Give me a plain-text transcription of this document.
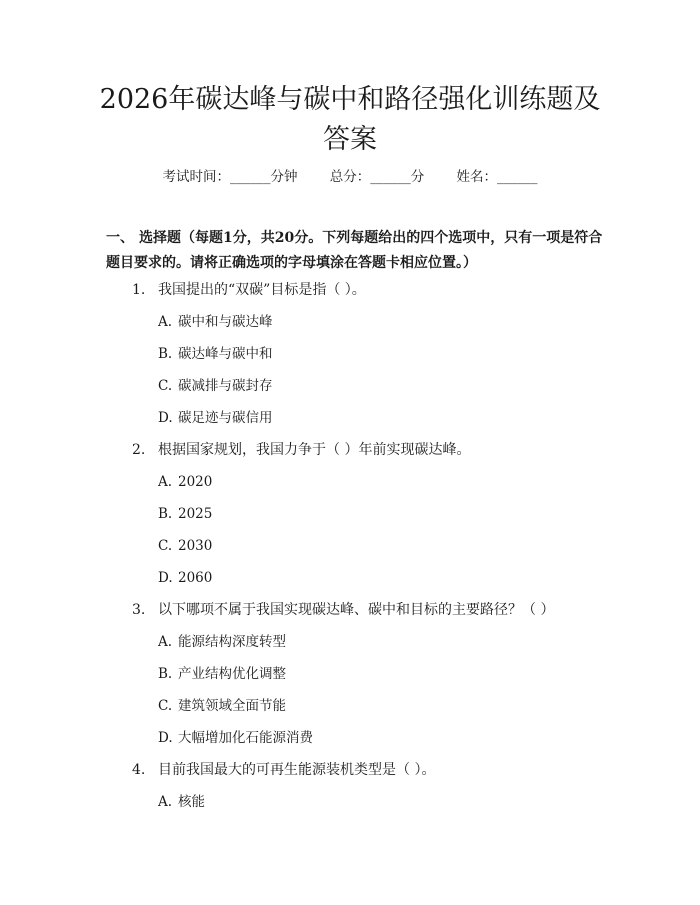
2026年碳达峰与碳中和路径强化训练题及答案
考试时间：______分钟 总分：______分 姓名：______
一、 选择题（每题1分，共20分。下列每题给出的四个选项中，只有一项是符合题目要求的。请将正确选项的字母填涂在答题卡相应位置。）
1. 我国提出的“双碳”目标是指（ ）。
A. 碳中和与碳达峰
B. 碳达峰与碳中和
C. 碳减排与碳封存
D. 碳足迹与碳信用
2. 根据国家规划，我国力争于（ ）年前实现碳达峰。
A. 2020
B. 2025
C. 2030
D. 2060
3. 以下哪项不属于我国实现碳达峰、碳中和目标的主要路径？（ ）
A. 能源结构深度转型
B. 产业结构优化调整
C. 建筑领域全面节能
D. 大幅增加化石能源消费
4. 目前我国最大的可再生能源装机类型是（ ）。
A. 核能
